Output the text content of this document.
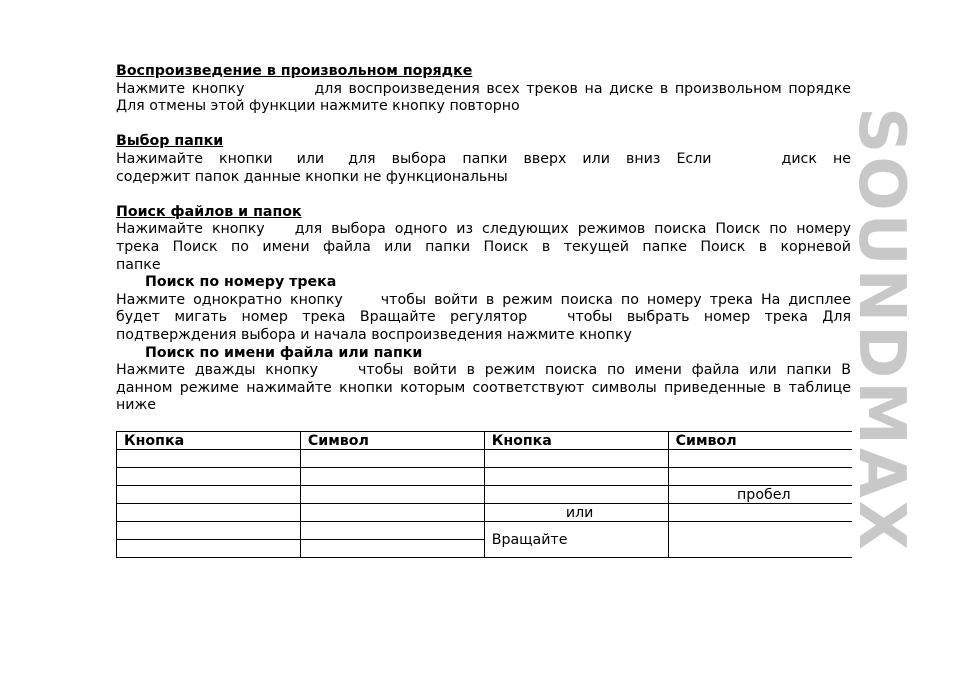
SOUNDMAX

Воспроизведение в произвольном порядке

Нажмите кнопку	для воспроизведения всех треков на диске в произвольном порядке

Для отмены этой функции нажмите кнопку повторно

Выбор папки

Нажимайте кнопки или для выбора папки вверх или вниз Если	диск не

содержит папок данные кнопки не функциональны

Поиск файлов и папок

Нажимайте кнопку для выбора одного из следующих режимов поиска Поиск по номеру

трека Поиск по имени файла или папки Поиск в текущей папке Поиск в корневой

папке

Поиск по номеру трека

Нажмите однократно кнопку	чтобы войти в режим поиска по номеру трека На дисплее

будет мигать номер трека Вращайте регулятор	чтобы выбрать номер трека Для

подтверждения выбора и начала воспроизведения нажмите кнопку

Поиск по имени файла или папки

Нажмите дважды кнопку	чтобы войти в режим поиска по имени файла или папки В

данном режиме нажимайте кнопки которым соответствуют символы приведенные в таблице

ниже

Кнопка	Символ	Кнопка	Символ

			пробел
		или	
		Вращайте	
